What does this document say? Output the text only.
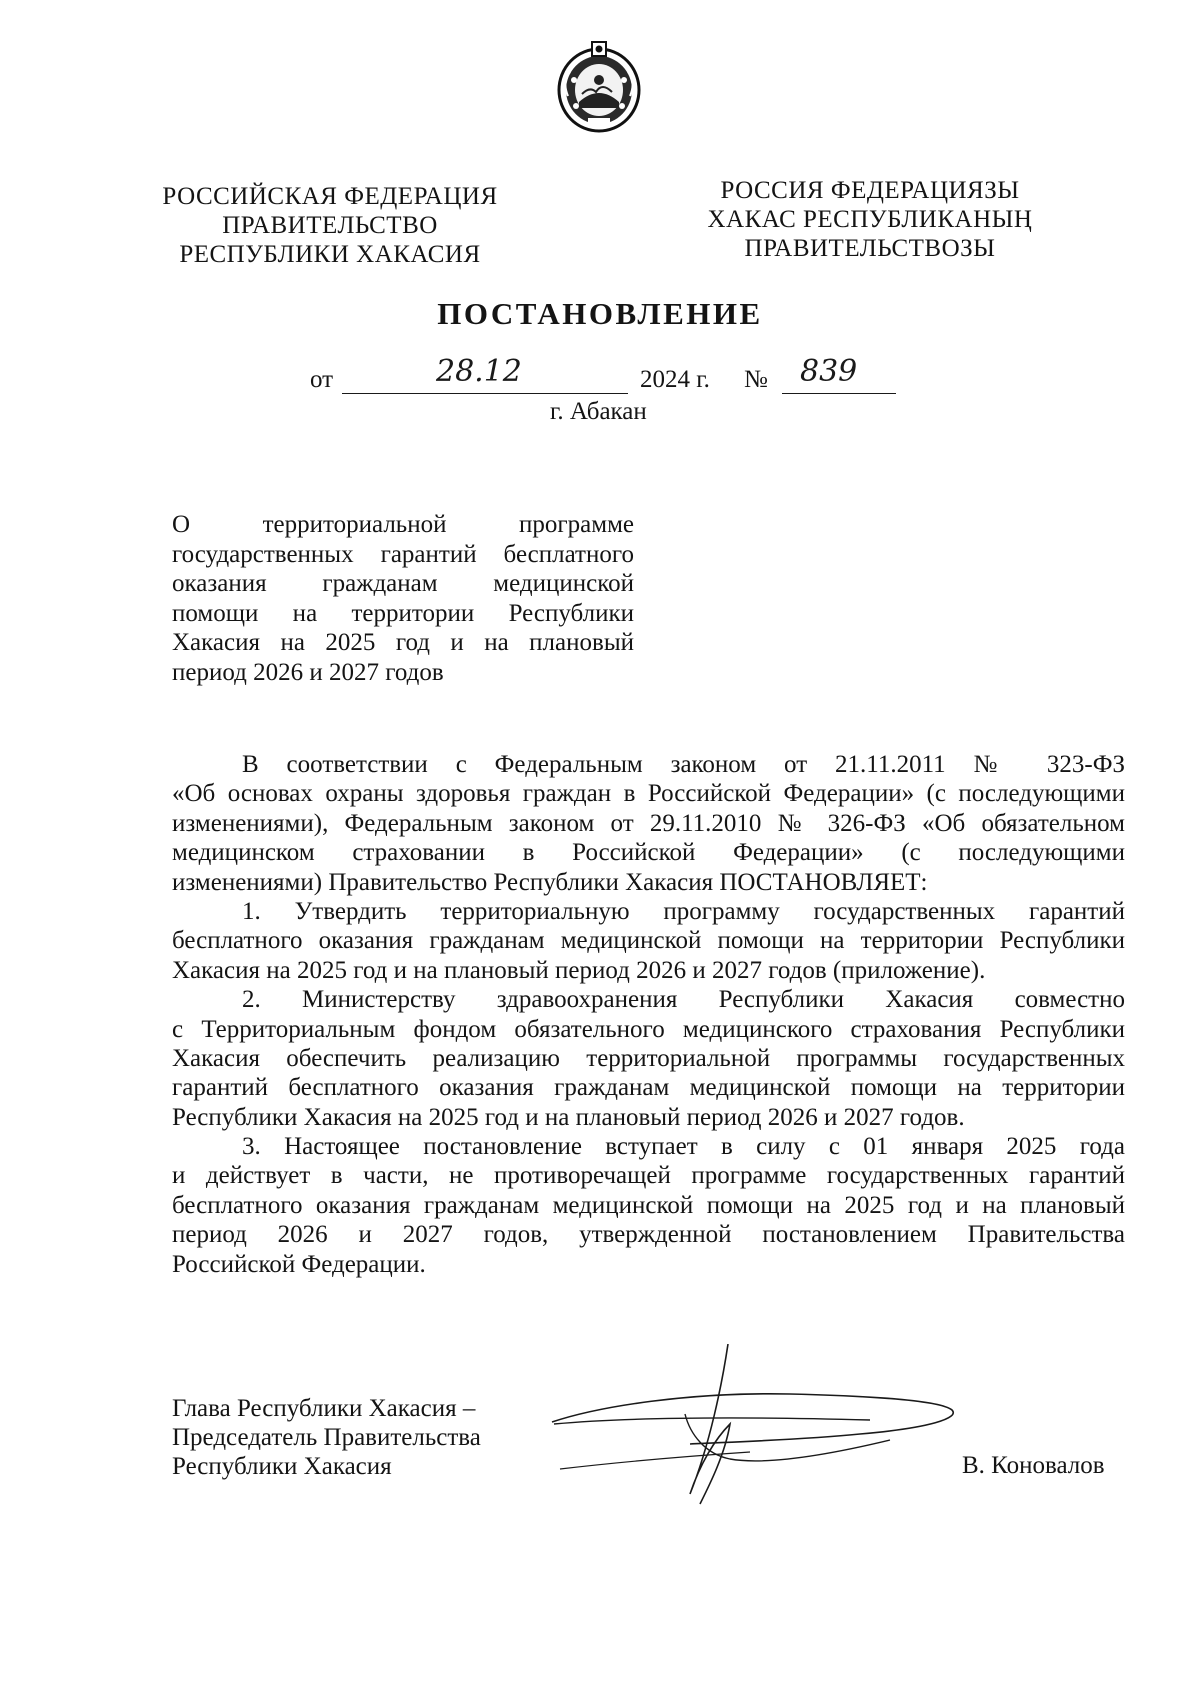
РОССИЙСКАЯ ФЕДЕРАЦИЯ
ПРАВИТЕЛЬСТВО
РЕСПУБЛИКИ ХАКАСИЯ
РОССИЯ ФЕДЕРАЦИЯЗЫ
ХАКАС РЕСПУБЛИКАНЫҢ
ПРАВИТЕЛЬСТВОЗЫ
ПОСТАНОВЛЕНИЕ
от	28.12	2024 г. № 839
г. Абакан
О территориальной программе
государственных гарантий бесплатного
оказания гражданам медицинской
помощи на территории Республики
Хакасия на 2025 год и на плановый
период 2026 и 2027 годов
В соответствии с Федеральным законом от 21.11.2011 № 323-ФЗ
«Об основах охраны здоровья граждан в Российской Федерации» (с последующими
изменениями), Федеральным законом от 29.11.2010 № 326-ФЗ «Об обязательном
медицинском страховании в Российской Федерации» (с последующими
изменениями) Правительство Республики Хакасия ПОСТАНОВЛЯЕТ:
1. Утвердить территориальную программу государственных гарантий
бесплатного оказания гражданам медицинской помощи на территории Республики
Хакасия на 2025 год и на плановый период 2026 и 2027 годов (приложение).
2. Министерству здравоохранения Республики Хакасия совместно
с Территориальным фондом обязательного медицинского страхования Республики
Хакасия обеспечить реализацию территориальной программы государственных
гарантий бесплатного оказания гражданам медицинской помощи на территории
Республики Хакасия на 2025 год и на плановый период 2026 и 2027 годов.
3. Настоящее постановление вступает в силу с 01 января 2025 года
и действует в части, не противоречащей программе государственных гарантий
бесплатного оказания гражданам медицинской помощи на 2025 год и на плановый
период 2026 и 2027 годов, утвержденной постановлением Правительства
Российской Федерации.
Глава Республики Хакасия –
Председатель Правительства
Республики Хакасия	В. Коновалов
